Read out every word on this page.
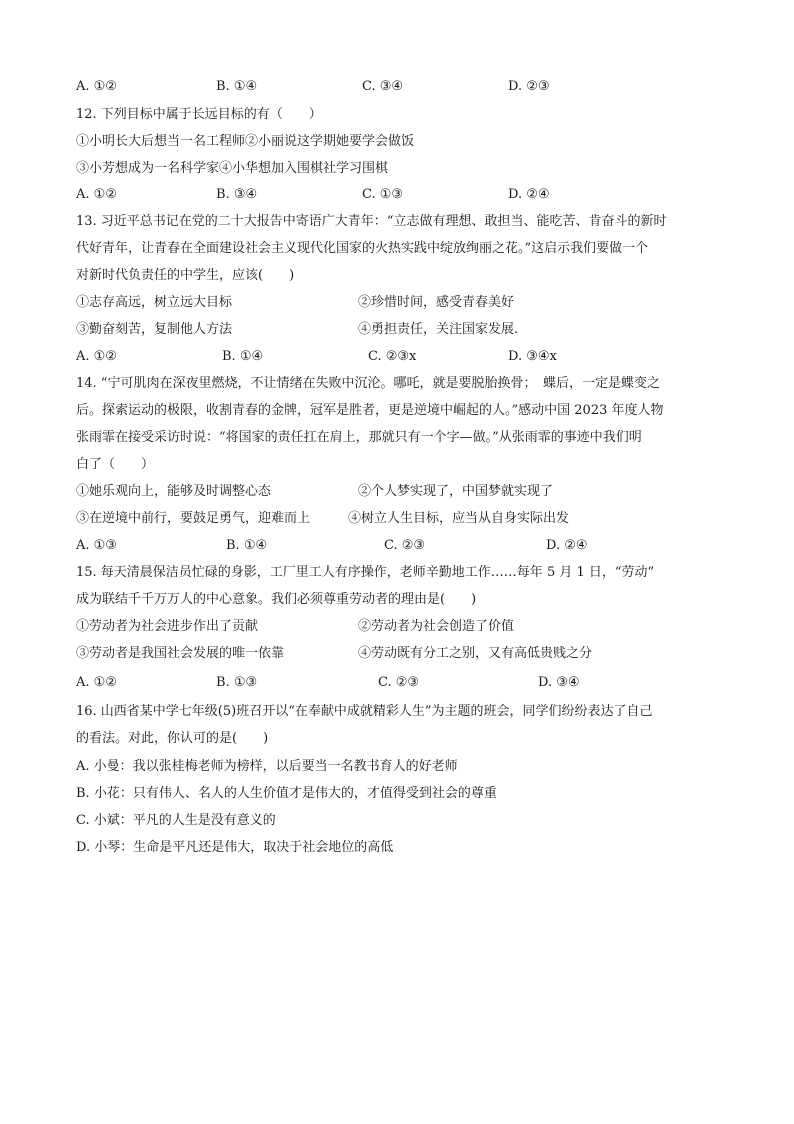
A. ①②	B. ①④	C. ③④	D. ②③
12. 下列目标中属于长远目标的有（　　）
①小明长大后想当一名工程师②小丽说这学期她要学会做饭
③小芳想成为一名科学家④小华想加入围棋社学习围棋
A. ①②	B. ③④	C. ①③	D. ②④
13. 习近平总书记在党的二十大报告中寄语广大青年：“立志做有理想、敢担当、能吃苦、肯奋斗的新时
代好青年，让青春在全面建设社会主义现代化国家的火热实践中绽放绚丽之花。”这启示我们要做一个
对新时代负责任的中学生，应该(　　)
①志存高远，树立远大目标	②珍惜时间，感受青春美好
③勤奋刻苦，复制他人方法	④勇担责任，关注国家发展.
A. ①②	B. ①④	C. ②③x	D. ③④x
14. “宁可肌肉在深夜里燃烧，不让情绪在失败中沉沦。哪吒，就是要脱胎换骨；　蝶后，一定是蝶变之
后。探索运动的极限，收割青春的金牌，冠军是胜者，更是逆境中崛起的人。”感动中国 2023 年度人物
张雨霏在接受采访时说：“将国家的责任扛在肩上，那就只有一个字—做。”从张雨霏的事迹中我们明
白了（　　）
①她乐观向上，能够及时调整心态	②个人梦实现了，中国梦就实现了
③在逆境中前行，要鼓足勇气，迎难而上	④树立人生目标，应当从自身实际出发
A. ①③	B. ①④	C. ②③	D. ②④
15. 每天清晨保洁员忙碌的身影，工厂里工人有序操作，老师辛勤地工作……每年 5 月 1 日，“劳动”
成为联结千千万万人的中心意象。我们必须尊重劳动者的理由是(　　)
①劳动者为社会进步作出了贡献	②劳动者为社会创造了价值
③劳动者是我国社会发展的唯一依靠	④劳动既有分工之别，又有高低贵贱之分
A. ①②	B. ①③	C. ②③	D. ③④
16. 山西省某中学七年级(5)班召开以“在奉献中成就精彩人生”为主题的班会，同学们纷纷表达了自己
的看法。对此，你认可的是(　　)
A. 小曼：我以张桂梅老师为榜样，以后要当一名教书育人的好老师
B. 小花：只有伟人、名人的人生价值才是伟大的，才值得受到社会的尊重
C. 小斌：平凡的人生是没有意义的
D. 小琴：生命是平凡还是伟大，取决于社会地位的高低
